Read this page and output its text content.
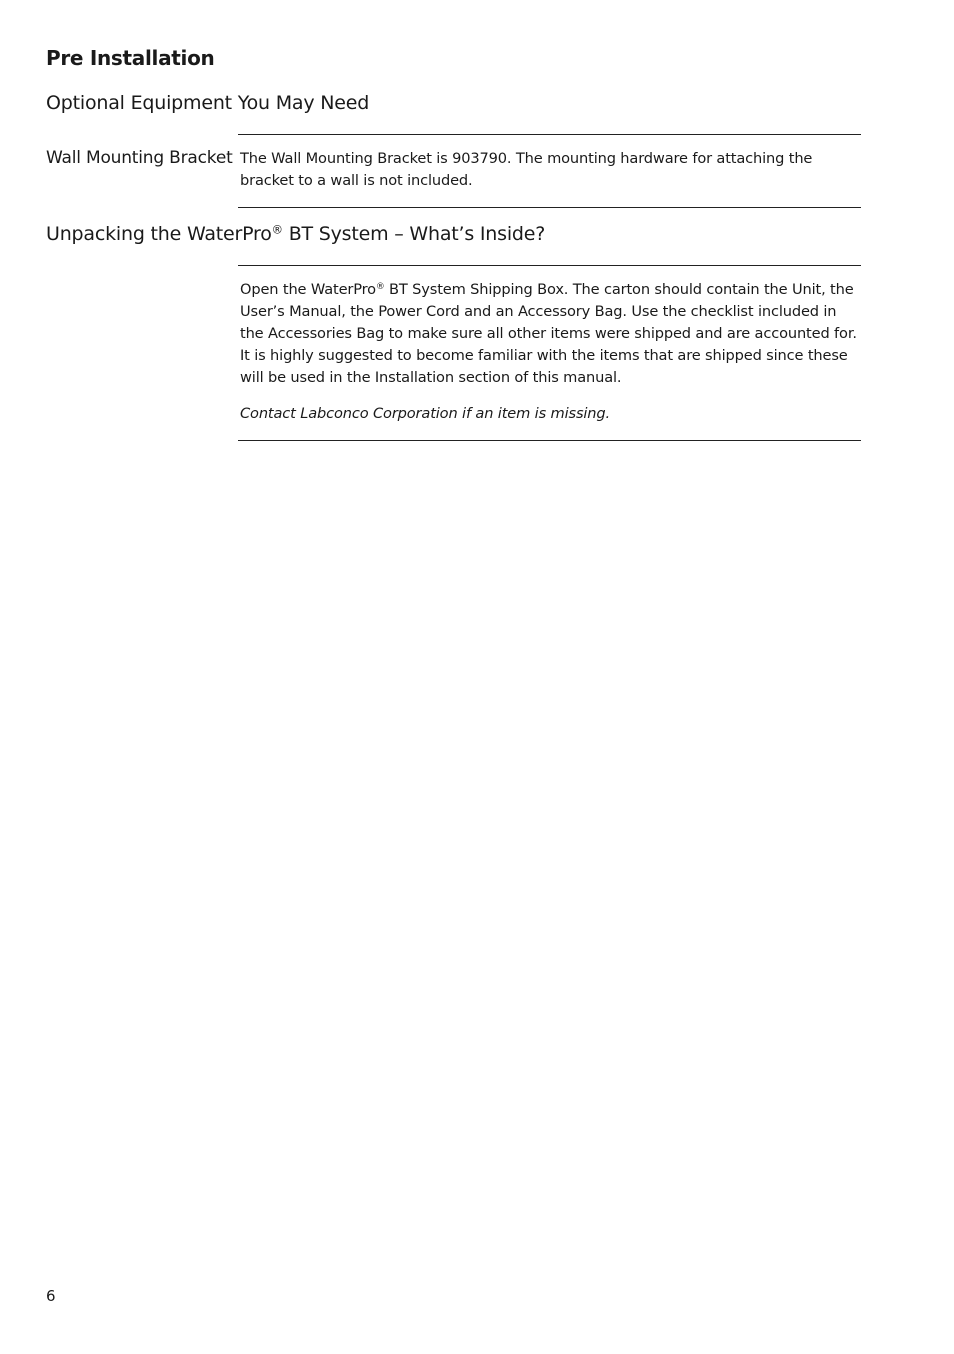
Pre Installation
Optional Equipment You May Need
Wall Mounting Bracket The Wall Mounting Bracket is 903790. The mounting hardware for attaching the bracket to a wall is not included.

Unpacking the WaterPro® BT System – What’s Inside?

Open the WaterPro® BT System Shipping Box. The carton should contain the Unit, the User’s Manual, the Power Cord and an Accessory Bag. Use the checklist included in the Accessories Bag to make sure all other items were shipped and are accounted for. It is highly suggested to become familiar with the items that are shipped since these will be used in the Installation section of this manual.

Contact Labconco Corporation if an item is missing.

6
